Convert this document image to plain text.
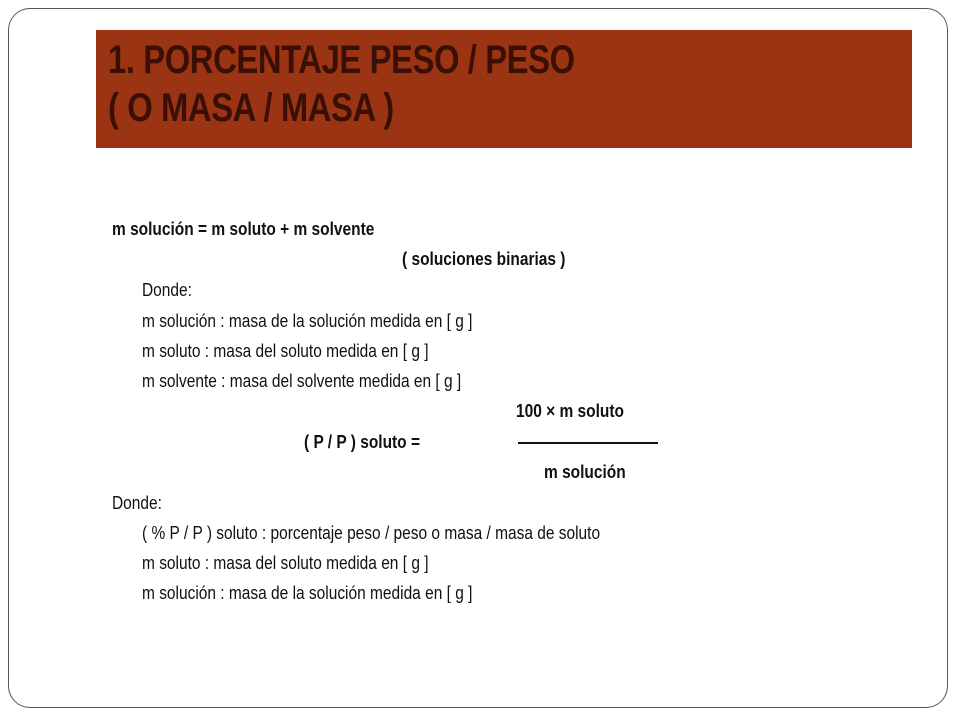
1. PORCENTAJE PESO / PESO
( O MASA / MASA )
m solución = m soluto + m solvente
( soluciones binarias )
Donde:
m solución : masa de la solución medida en [ g ]
m soluto : masa del soluto medida en [ g ]
m solvente : masa del solvente medida en [ g ]
100 × m soluto
( P / P ) soluto =
m solución
Donde:
( % P / P ) soluto : porcentaje peso / peso o masa / masa de soluto
m soluto : masa del soluto medida en [ g ]
m solución : masa de la solución medida en [ g ]
